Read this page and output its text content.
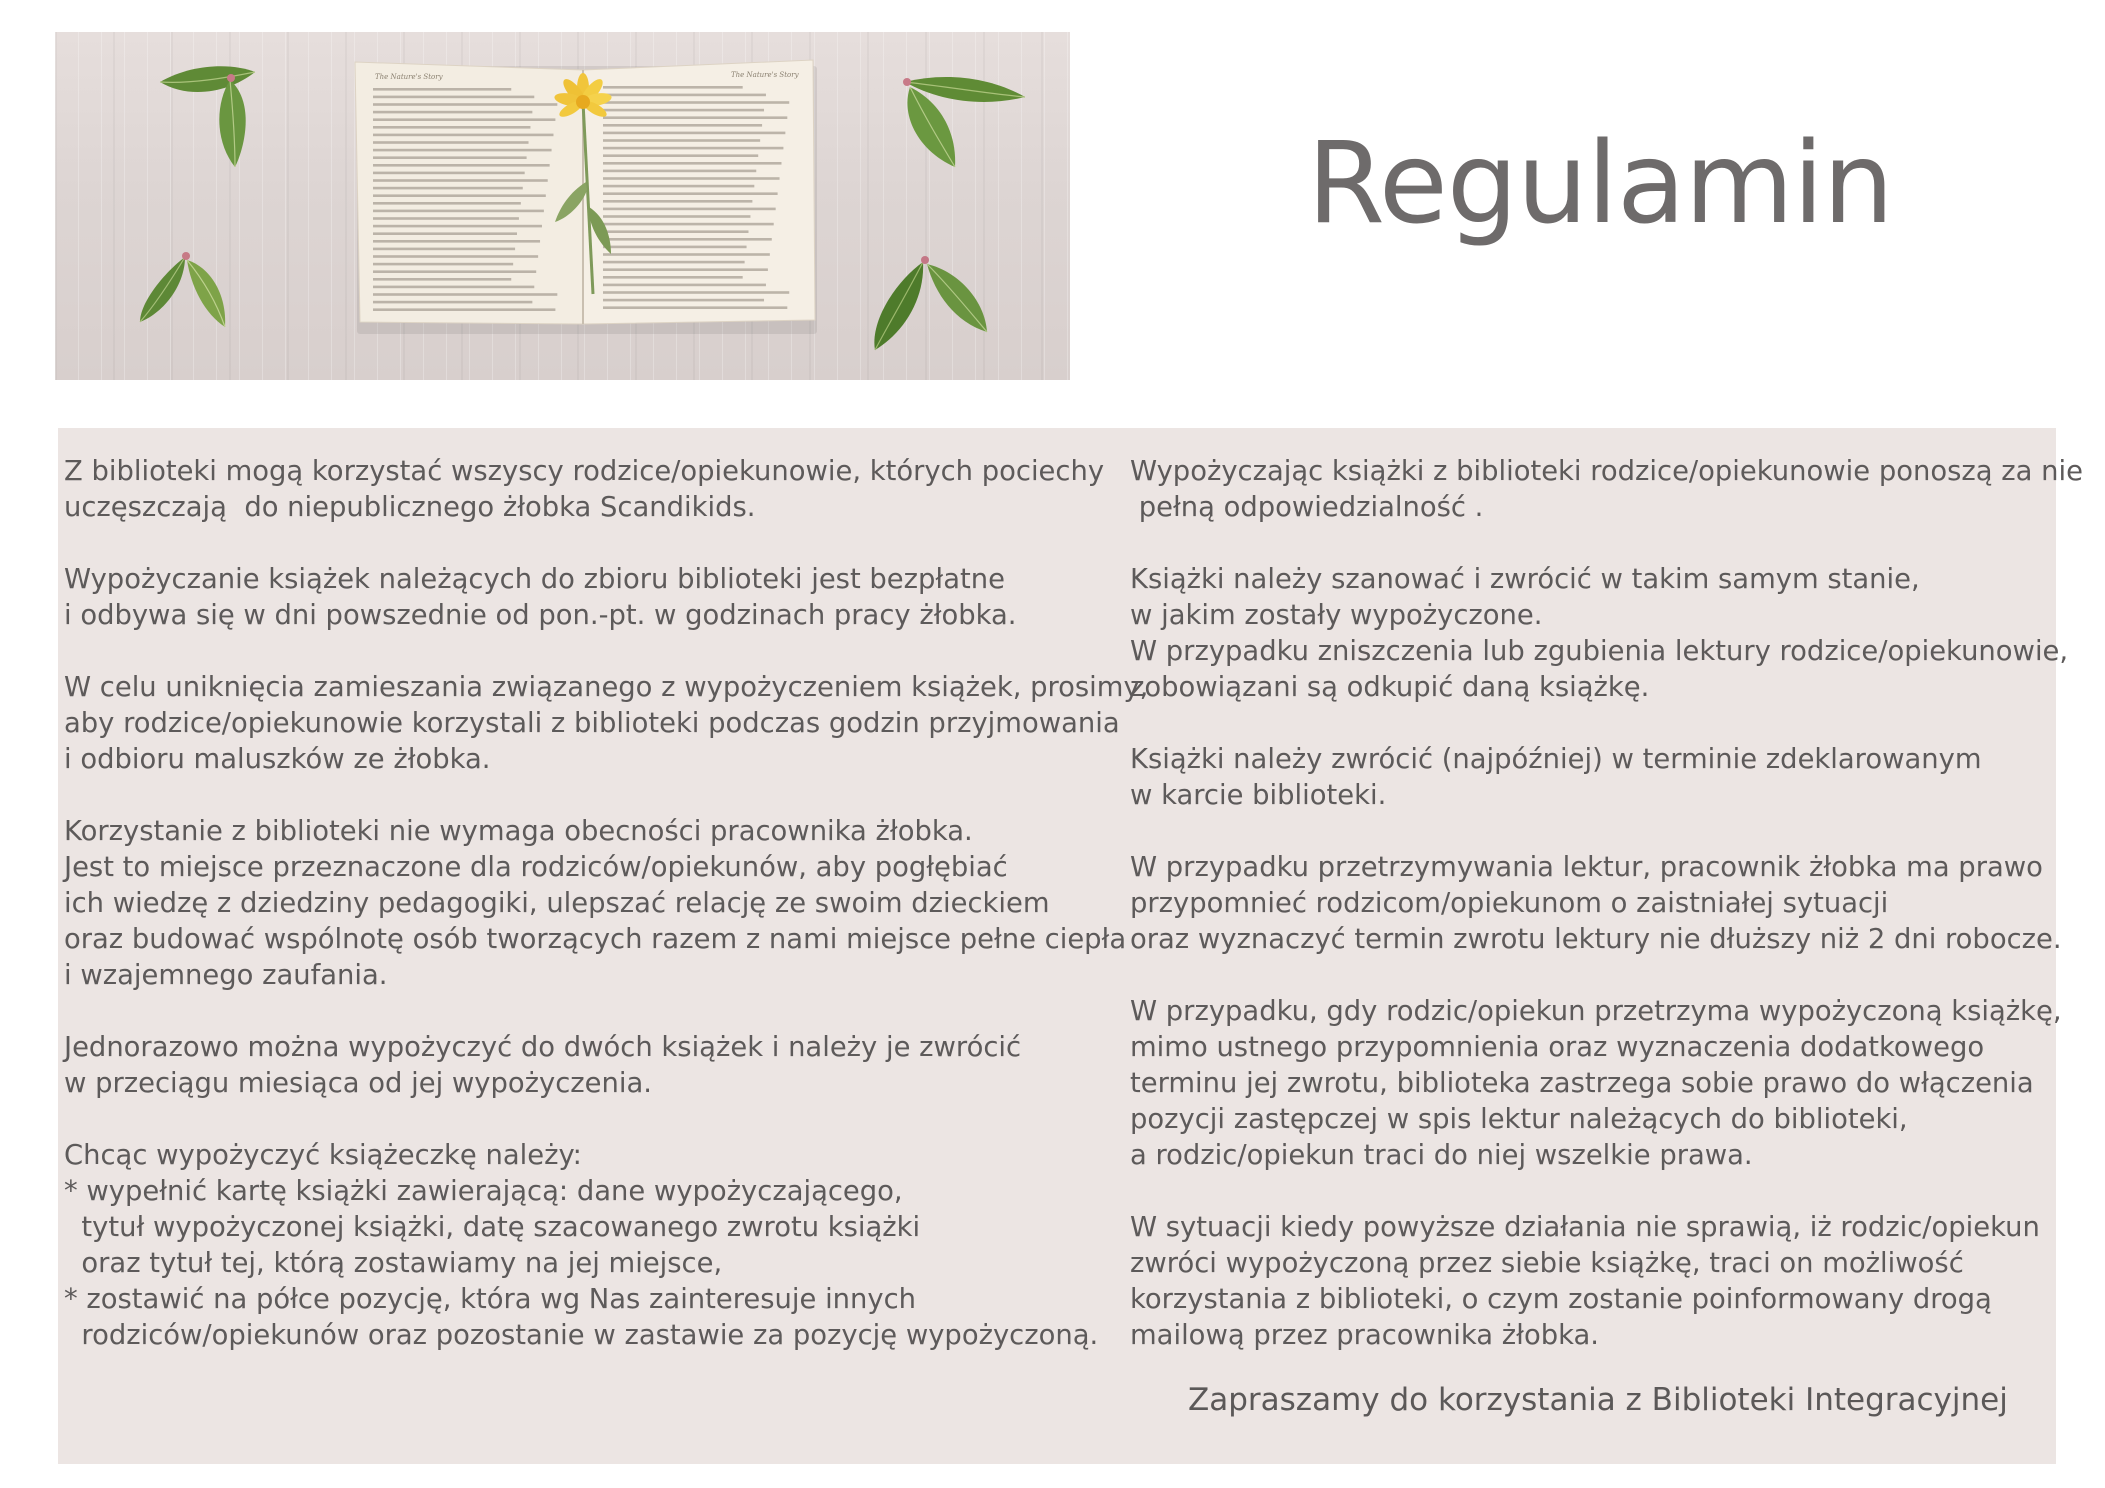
The Nature's Story	The Nature's Story
Regulamin
Z biblioteki mogą korzystać wszyscy rodzice/opiekunowie, których pociechy
uczęszczają  do niepublicznego żłobka Scandikids.
Wypożyczanie książek należących do zbioru biblioteki jest bezpłatne
i odbywa się w dni powszednie od pon.-pt. w godzinach pracy żłobka.
W celu uniknięcia zamieszania związanego z wypożyczeniem książek, prosimy,
aby rodzice/opiekunowie korzystali z biblioteki podczas godzin przyjmowania
i odbioru maluszków ze żłobka.
Korzystanie z biblioteki nie wymaga obecności pracownika żłobka.
Jest to miejsce przeznaczone dla rodziców/opiekunów, aby pogłębiać
ich wiedzę z dziedziny pedagogiki, ulepszać relację ze swoim dzieckiem
oraz budować wspólnotę osób tworzących razem z nami miejsce pełne ciepła
i wzajemnego zaufania.
Jednorazowo można wypożyczyć do dwóch książek i należy je zwrócić
w przeciągu miesiąca od jej wypożyczenia.
Chcąc wypożyczyć książeczkę należy:
* wypełnić kartę książki zawierającą: dane wypożyczającego,
tytuł wypożyczonej książki, datę szacowanego zwrotu książki
oraz tytuł tej, którą zostawiamy na jej miejsce,
* zostawić na półce pozycję, która wg Nas zainteresuje innych
rodziców/opiekunów oraz pozostanie w zastawie za pozycję wypożyczoną.
Wypożyczając książki z biblioteki rodzice/opiekunowie ponoszą za nie
pełną odpowiedzialność .
Książki należy szanować i zwrócić w takim samym stanie,
w jakim zostały wypożyczone.
W przypadku zniszczenia lub zgubienia lektury rodzice/opiekunowie,
zobowiązani są odkupić daną książkę.
Książki należy zwrócić (najpóźniej) w terminie zdeklarowanym
w karcie biblioteki.
W przypadku przetrzymywania lektur, pracownik żłobka ma prawo
przypomnieć rodzicom/opiekunom o zaistniałej sytuacji
oraz wyznaczyć termin zwrotu lektury nie dłuższy niż 2 dni robocze.
W przypadku, gdy rodzic/opiekun przetrzyma wypożyczoną książkę,
mimo ustnego przypomnienia oraz wyznaczenia dodatkowego
terminu jej zwrotu, biblioteka zastrzega sobie prawo do włączenia
pozycji zastępczej w spis lektur należących do biblioteki,
a rodzic/opiekun traci do niej wszelkie prawa.
W sytuacji kiedy powyższe działania nie sprawią, iż rodzic/opiekun
zwróci wypożyczoną przez siebie książkę, traci on możliwość
korzystania z biblioteki, o czym zostanie poinformowany drogą
mailową przez pracownika żłobka.
Zapraszamy do korzystania z Biblioteki Integracyjnej
